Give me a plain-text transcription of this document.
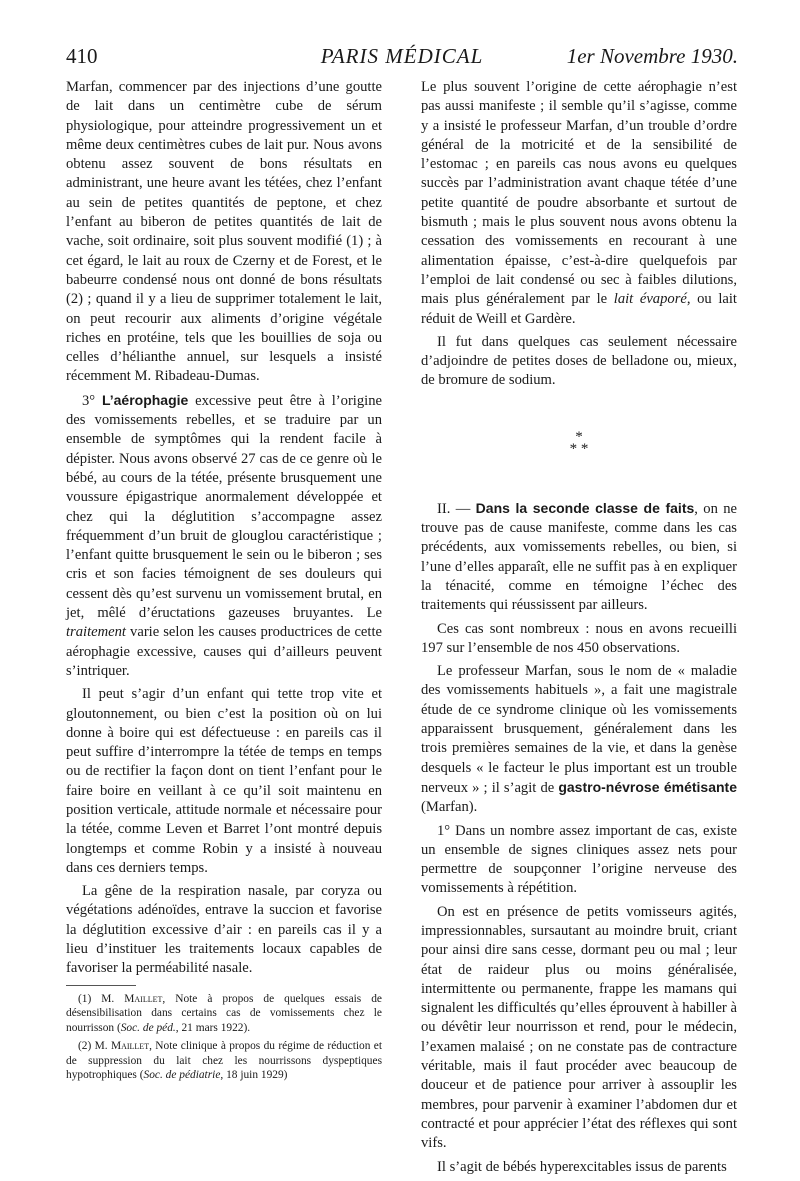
410	PARIS MÉDICAL	1er Novembre 1930.

Marfan, commencer par des injections d’une goutte de lait dans un centimètre cube de sérum physiologique, pour atteindre progressivement un et même deux centimètres cubes de lait pur. Nous avons obtenu assez souvent de bons résultats en administrant, une heure avant les tétées, chez l’enfant au sein de petites quantités de peptone, et chez l’enfant au biberon de petites quantités de lait de vache, soit ordinaire, soit plus souvent modifié (1) ; à cet égard, le lait au roux de Czerny et de Forest, et le babeurre condensé nous ont donné de bons résultats (2) ; quand il y a lieu de supprimer totalement le lait, on peut recourir aux aliments d’origine végétale riches en protéine, tels que les bouillies de soja ou celles d’hélianthe annuel, sur lesquels a insisté récemment M. Ribadeau-Dumas.

3° L’aérophagie excessive peut être à l’origine des vomissements rebelles, et se traduire par un ensemble de symptômes qui la rendent facile à dépister. Nous avons observé 27 cas de ce genre où le bébé, au cours de la tétée, présente brusquement une voussure épigastrique anormalement développée et chez qui la déglutition s’accompagne assez fréquemment d’un bruit de glouglou caractéristique ; l’enfant quitte brusquement le sein ou le biberon ; ses cris et son facies témoignent de ses douleurs qui cessent dès qu’est survenu un vomissement brutal, en jet, mêlé d’éructations gazeuses bruyantes. Le traitement varie selon les causes productrices de cette aérophagie excessive, causes qui d’ailleurs peuvent s’intriquer.

Il peut s’agir d’un enfant qui tette trop vite et gloutonnement, ou bien c’est la position où on lui donne à boire qui est défectueuse : en pareils cas il peut suffire d’interrompre la tétée de temps en temps ou de rectifier la façon dont on tient l’enfant pour le faire boire en veillant à ce qu’il soit maintenu en position verticale, attitude normale et nécessaire pour la tétée, comme Leven et Barret l’ont montré depuis longtemps et comme Robin y a insisté à nouveau dans ces derniers temps.

La gêne de la respiration nasale, par coryza ou végétations adénoïdes, entrave la succion et favorise la déglutition excessive d’air : en pareils cas il y a lieu d’instituer les traitements locaux capables de favoriser la perméabilité nasale.

(1) M. Maillet, Note à propos de quelques essais de désensibilisation dans certains cas de vomissements chez le nourrisson (Soc. de péd., 21 mars 1922).

(2) M. Maillet, Note clinique à propos du régime de réduction et de suppression du lait chez les nourrissons dyspeptiques hypotrophiques (Soc. de pédiatrie, 18 juin 1929)

Le plus souvent l’origine de cette aérophagie n’est pas aussi manifeste ; il semble qu’il s’agisse, comme y a insisté le professeur Marfan, d’un trouble d’ordre général de la motricité et de la sensibilité de l’estomac ; en pareils cas nous avons eu quelques succès par l’administration avant chaque tétée d’une petite quantité de poudre absorbante et surtout de bismuth ; mais le plus souvent nous avons obtenu la cessation des vomissements en recourant à une alimentation épaisse, c’est-à-dire quelquefois par l’emploi de lait condensé ou sec à faibles dilutions, mais plus généralement par le lait évaporé, ou lait réduit de Weill et Gardère.

Il fut dans quelques cas seulement nécessaire d’adjoindre de petites doses de belladone ou, mieux, de bromure de sodium.

*
* *

II. — Dans la seconde classe de faits, on ne trouve pas de cause manifeste, comme dans les cas précédents, aux vomissements rebelles, ou bien, si l’une d’elles apparaît, elle ne suffit pas à en expliquer la ténacité, comme en témoigne l’échec des traitements qui réussissent par ailleurs.

Ces cas sont nombreux : nous en avons recueilli 197 sur l’ensemble de nos 450 observations.

Le professeur Marfan, sous le nom de « maladie des vomissements habituels », a fait une magistrale étude de ce syndrome clinique où les vomissements apparaissent brusquement, généralement dans les trois premières semaines de la vie, et dans la genèse desquels « le facteur le plus important est un trouble nerveux » ; il s’agit de gastro-névrose émétisante (Marfan).

1° Dans un nombre assez important de cas, existe un ensemble de signes cliniques assez nets pour permettre de soupçonner l’origine nerveuse des vomissements à répétition.

On est en présence de petits vomisseurs agités, impressionnables, sursautant au moindre bruit, criant pour ainsi dire sans cesse, dormant peu ou mal ; leur état de raideur plus ou moins généralisée, intermittente ou permanente, frappe les mamans qui signalent les difficultés qu’elles éprouvent à habiller à ou dévêtir leur nourrisson et rend, pour le médecin, l’examen malaisé ; on ne constate pas de contracture véritable, mais il faut procéder avec beaucoup de douceur et de patience pour arriver à assouplir les membres, pour parvenir à examiner l’abdomen dur et contracté et pour apprécier l’état des réflexes qui sont vifs.

Il s’agit de bébés hyperexcitables issus de parents
